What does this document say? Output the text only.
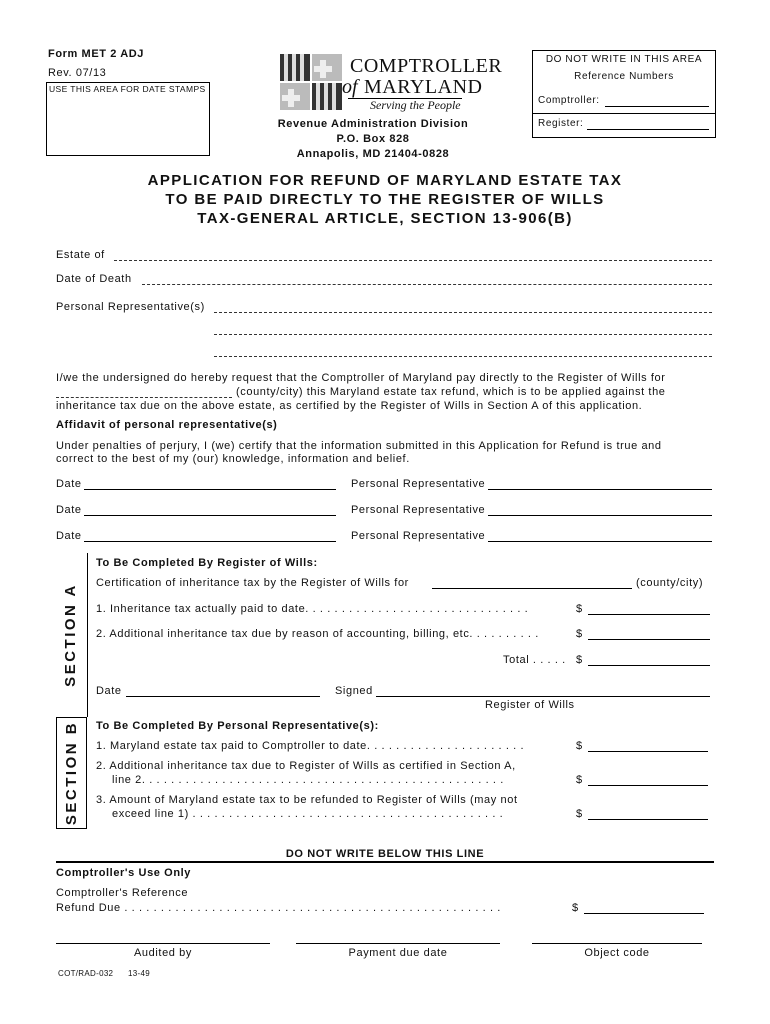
Form MET 2 ADJ
Rev. 07/13
USE THIS AREA FOR DATE STAMPS
COMPTROLLER
of MARYLAND
Serving the People
Revenue Administration Division
P.O. Box 828
Annapolis, MD 21404-0828
DO NOT WRITE IN THIS AREA
Reference Numbers
Comptroller:
Register:
APPLICATION FOR REFUND OF MARYLAND ESTATE TAX
TO BE PAID DIRECTLY TO THE REGISTER OF WILLS
TAX-GENERAL ARTICLE, SECTION 13-906(B)
Estate of
Date of Death
Personal Representative(s)
I/we the undersigned do hereby request that the Comptroller of Maryland pay directly to the Register of Wills for
(county/city) this Maryland estate tax refund, which is to be applied against the
inheritance tax due on the above estate, as certified by the Register of Wills in Section A of this application.
Affidavit of personal representative(s)
Under penalties of perjury, I (we) certify that the information submitted in this Application for Refund is true and
correct to the best of my (our) knowledge, information and belief.
Date	Personal Representative
Date	Personal Representative
Date	Personal Representative
SECTION A
To Be Completed By Register of Wills:
Certification of inheritance tax by the Register of Wills for	(county/city)
1. Inheritance tax actually paid to date. . . . . . . . . . . . . . . . . . . . . . . . . . . . . . .	$
2. Additional inheritance tax due by reason of accounting, billing, etc. . . . . . . . . .	$
Total . . . . . $
Date	Signed
Register of Wills
SECTION B To Be Completed By Personal Representative(s):
1. Maryland estate tax paid to Comptroller to date. . . . . . . . . . . . . . . . . . . . . .	$
2. Additional inheritance tax due to Register of Wills as certified in Section A,
line 2. . . . . . . . . . . . . . . . . . . . . . . . . . . . . . . . . . . . . . . . . . . . . . . . . .	$
3. Amount of Maryland estate tax to be refunded to Register of Wills (may not
exceed line 1) . . . . . . . . . . . . . . . . . . . . . . . . . . . . . . . . . . . . . . . . . . .	$
DO NOT WRITE BELOW THIS LINE
Comptroller's Use Only
Comptroller's Reference
Refund Due . . . . . . . . . . . . . . . . . . . . . . . . . . . . . . . . . . . . . . . . . . . . . . . . . . . .	$
Audited by	Payment due date	Object code
COT/RAD-032 13-49
